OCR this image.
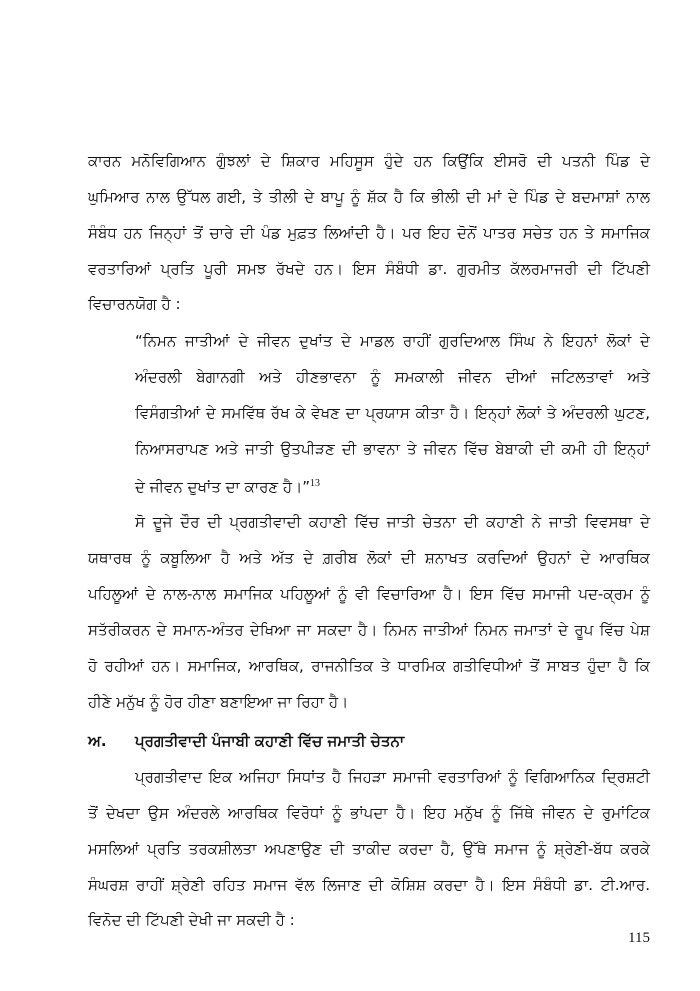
ਕਾਰਨ ਮਨੋਵਿਗਿਆਨ ਗੁੰਝਲਾਂ ਦੇ ਸ਼ਿਕਾਰ ਮਹਿਸੂਸ ਹੁੰਦੇ ਹਨ ਕਿਉਂਕਿ ਈਸਰੋ ਦੀ ਪਤਨੀ ਪਿੰਡ ਦੇ
ਘੁਮਿਆਰ ਨਾਲ ਉੱਧਲ ਗਈ, ਤੇ ਤੀਲੀ ਦੇ ਬਾਪੂ ਨੂੰ ਸ਼ੱਕ ਹੈ ਕਿ ਭੀਲੀ ਦੀ ਮਾਂ ਦੇ ਪਿੰਡ ਦੇ ਬਦਮਾਸ਼ਾਂ ਨਾਲ
ਸੰਬੰਧ ਹਨ ਜਿਨ੍ਹਾਂ ਤੋਂ ਚਾਰੇ ਦੀ ਪੰਡ ਮੁਫ਼ਤ ਲਿਆਂਦੀ ਹੈ। ਪਰ ਇਹ ਦੋਨੋਂ ਪਾਤਰ ਸਚੇਤ ਹਨ ਤੇ ਸਮਾਜਿਕ
ਵਰਤਾਰਿਆਂ ਪ੍ਰਤਿ ਪੂਰੀ ਸਮਝ ਰੱਖਦੇ ਹਨ। ਇਸ ਸੰਬੰਧੀ ਡਾ. ਗੁਰਮੀਤ ਕੱਲਰਮਾਜਰੀ ਦੀ ਟਿੱਪਣੀ
ਵਿਚਾਰਨਯੋਗ ਹੈ :
“ਨਿਮਨ ਜਾਤੀਆਂ ਦੇ ਜੀਵਨ ਦੁਖਾਂਤ ਦੇ ਮਾਡਲ ਰਾਹੀਂ ਗੁਰਦਿਆਲ ਸਿੰਘ ਨੇ ਇਹਨਾਂ ਲੋਕਾਂ ਦੇ
ਅੰਦਰਲੀ ਬੇਗਾਨਗੀ ਅਤੇ ਹੀਣਭਾਵਨਾ ਨੂੰ ਸਮਕਾਲੀ ਜੀਵਨ ਦੀਆਂ ਜਟਿਲਤਾਵਾਂ ਅਤੇ
ਵਿਸੰਗਤੀਆਂ ਦੇ ਸਮਵਿੱਥ ਰੱਖ ਕੇ ਵੇਖਣ ਦਾ ਪ੍ਰਯਾਸ ਕੀਤਾ ਹੈ। ਇਨ੍ਹਾਂ ਲੋਕਾਂ ਤੇ ਅੰਦਰਲੀ ਘੁਟਣ,
ਨਿਆਸਰਾਪਣ ਅਤੇ ਜਾਤੀ ਉਤਪੀੜਣ ਦੀ ਭਾਵਨਾ ਤੇ ਜੀਵਨ ਵਿੱਚ ਬੇਬਾਕੀ ਦੀ ਕਮੀ ਹੀ ਇਨ੍ਹਾਂ
ਦੇ ਜੀਵਨ ਦੁਖਾਂਤ ਦਾ ਕਾਰਣ ਹੈ।”$^{13}$
ਸੋ ਦੂਜੇ ਦੌਰ ਦੀ ਪ੍ਰਗਤੀਵਾਦੀ ਕਹਾਣੀ ਵਿੱਚ ਜਾਤੀ ਚੇਤਨਾ ਦੀ ਕਹਾਣੀ ਨੇ ਜਾਤੀ ਵਿਵਸਥਾ ਦੇ
ਯਥਾਰਥ ਨੂੰ ਕਬੂਲਿਆ ਹੈ ਅਤੇ ਅੱਤ ਦੇ ਗ਼ਰੀਬ ਲੋਕਾਂ ਦੀ ਸ਼ਨਾਖਤ ਕਰਦਿਆਂ ਉਹਨਾਂ ਦੇ ਆਰਥਿਕ
ਪਹਿਲੂਆਂ ਦੇ ਨਾਲ-ਨਾਲ ਸਮਾਜਿਕ ਪਹਿਲੂਆਂ ਨੂੰ ਵੀ ਵਿਚਾਰਿਆ ਹੈ। ਇਸ ਵਿੱਚ ਸਮਾਜੀ ਪਦ-ਕ੍ਰਮ ਨੂੰ
ਸਤੱਰੀਕਰਨ ਦੇ ਸਮਾਨ-ਅੰਤਰ ਦੇਖਿਆ ਜਾ ਸਕਦਾ ਹੈ। ਨਿਮਨ ਜਾਤੀਆਂ ਨਿਮਨ ਜਮਾਤਾਂ ਦੇ ਰੂਪ ਵਿੱਚ ਪੇਸ਼
ਹੋ ਰਹੀਆਂ ਹਨ। ਸਮਾਜਿਕ, ਆਰਥਿਕ, ਰਾਜਨੀਤਿਕ ਤੇ ਧਾਰਮਿਕ ਗਤੀਵਿਧੀਆਂ ਤੋਂ ਸਾਬਤ ਹੁੰਦਾ ਹੈ ਕਿ
ਹੀਣੇ ਮਨੁੱਖ ਨੂੰ ਹੋਰ ਹੀਣਾ ਬਣਾਇਆ ਜਾ ਰਿਹਾ ਹੈ।
ਅ. ਪ੍ਰਗਤੀਵਾਦੀ ਪੰਜਾਬੀ ਕਹਾਣੀ ਵਿੱਚ ਜਮਾਤੀ ਚੇਤਨਾ
ਪ੍ਰਗਤੀਵਾਦ ਇਕ ਅਜਿਹਾ ਸਿਧਾਂਤ ਹੈ ਜਿਹੜਾ ਸਮਾਜੀ ਵਰਤਾਰਿਆਂ ਨੂੰ ਵਿਗਿਆਨਿਕ ਦ੍ਰਿਸ਼ਟੀ
ਤੋਂ ਦੇਖਦਾ ਉਸ ਅੰਦਰਲੇ ਆਰਥਿਕ ਵਿਰੋਧਾਂ ਨੂੰ ਭਾਂਪਦਾ ਹੈ। ਇਹ ਮਨੁੱਖ ਨੂੰ ਜਿੱਥੇ ਜੀਵਨ ਦੇ ਰੁਮਾਂਟਿਕ
ਮਸਲਿਆਂ ਪ੍ਰਤਿ ਤਰਕਸ਼ੀਲਤਾ ਅਪਣਾਉਣ ਦੀ ਤਾਕੀਦ ਕਰਦਾ ਹੈ, ਉੱਥੇ ਸਮਾਜ ਨੂੰ ਸ਼੍ਰੇਣੀ-ਬੱਧ ਕਰਕੇ
ਸੰਘਰਸ਼ ਰਾਹੀਂ ਸ਼੍ਰੇਣੀ ਰਹਿਤ ਸਮਾਜ ਵੱਲ ਲਿਜਾਣ ਦੀ ਕੋਸ਼ਿਸ਼ ਕਰਦਾ ਹੈ। ਇਸ ਸੰਬੰਧੀ ਡਾ. ਟੀ.ਆਰ.
ਵਿਨੋਦ ਦੀ ਟਿੱਪਣੀ ਦੇਖੀ ਜਾ ਸਕਦੀ ਹੈ :
115
